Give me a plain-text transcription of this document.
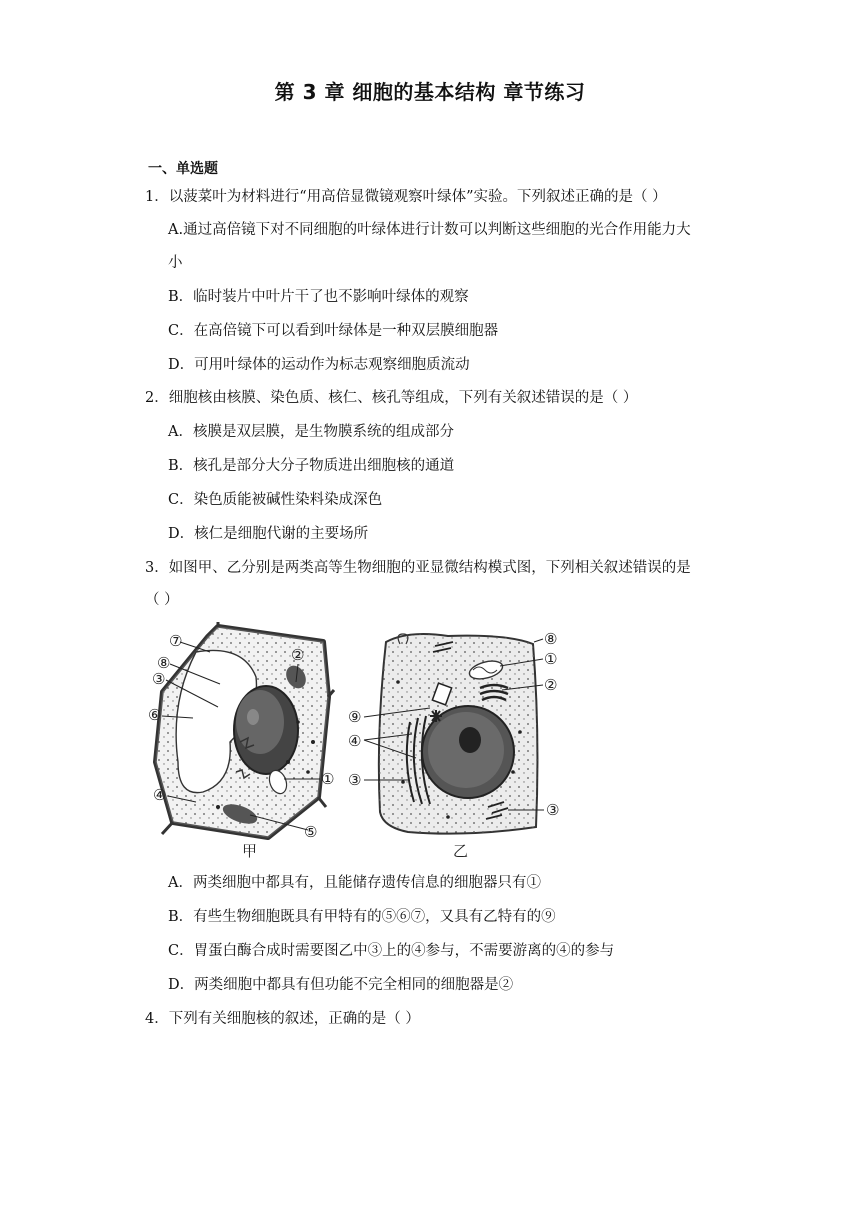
第 3 章 细胞的基本结构 章节练习
一、单选题
1．以菠菜叶为材料进行“用高倍显微镜观察叶绿体”实验。下列叙述正确的是（ ）
A.通过高倍镜下对不同细胞的叶绿体进行计数可以判断这些细胞的光合作用能力大
小
B．临时装片中叶片干了也不影响叶绿体的观察
C．在高倍镜下可以看到叶绿体是一种双层膜细胞器
D．可用叶绿体的运动作为标志观察细胞质流动
2．细胞核由核膜、染色质、核仁、核孔等组成，下列有关叙述错误的是（ ）
A．核膜是双层膜，是生物膜系统的组成部分
B．核孔是部分大分子物质进出细胞核的通道
C．染色质能被碱性染料染成深色
D．核仁是细胞代谢的主要场所
3．如图甲、乙分别是两类高等生物细胞的亚显微结构模式图，下列相关叙述错误的是
（ ）
⑦
⑧
③
⑥
②
①
④
⑤
甲
⑧
①
②
⑨
④
③
③
乙
A．两类细胞中都具有，且能储存遗传信息的细胞器只有①
B．有些生物细胞既具有甲特有的⑤⑥⑦，又具有乙特有的⑨
C．胃蛋白酶合成时需要图乙中③上的④参与，不需要游离的④的参与
D．两类细胞中都具有但功能不完全相同的细胞器是②
4．下列有关细胞核的叙述，正确的是（ ）
